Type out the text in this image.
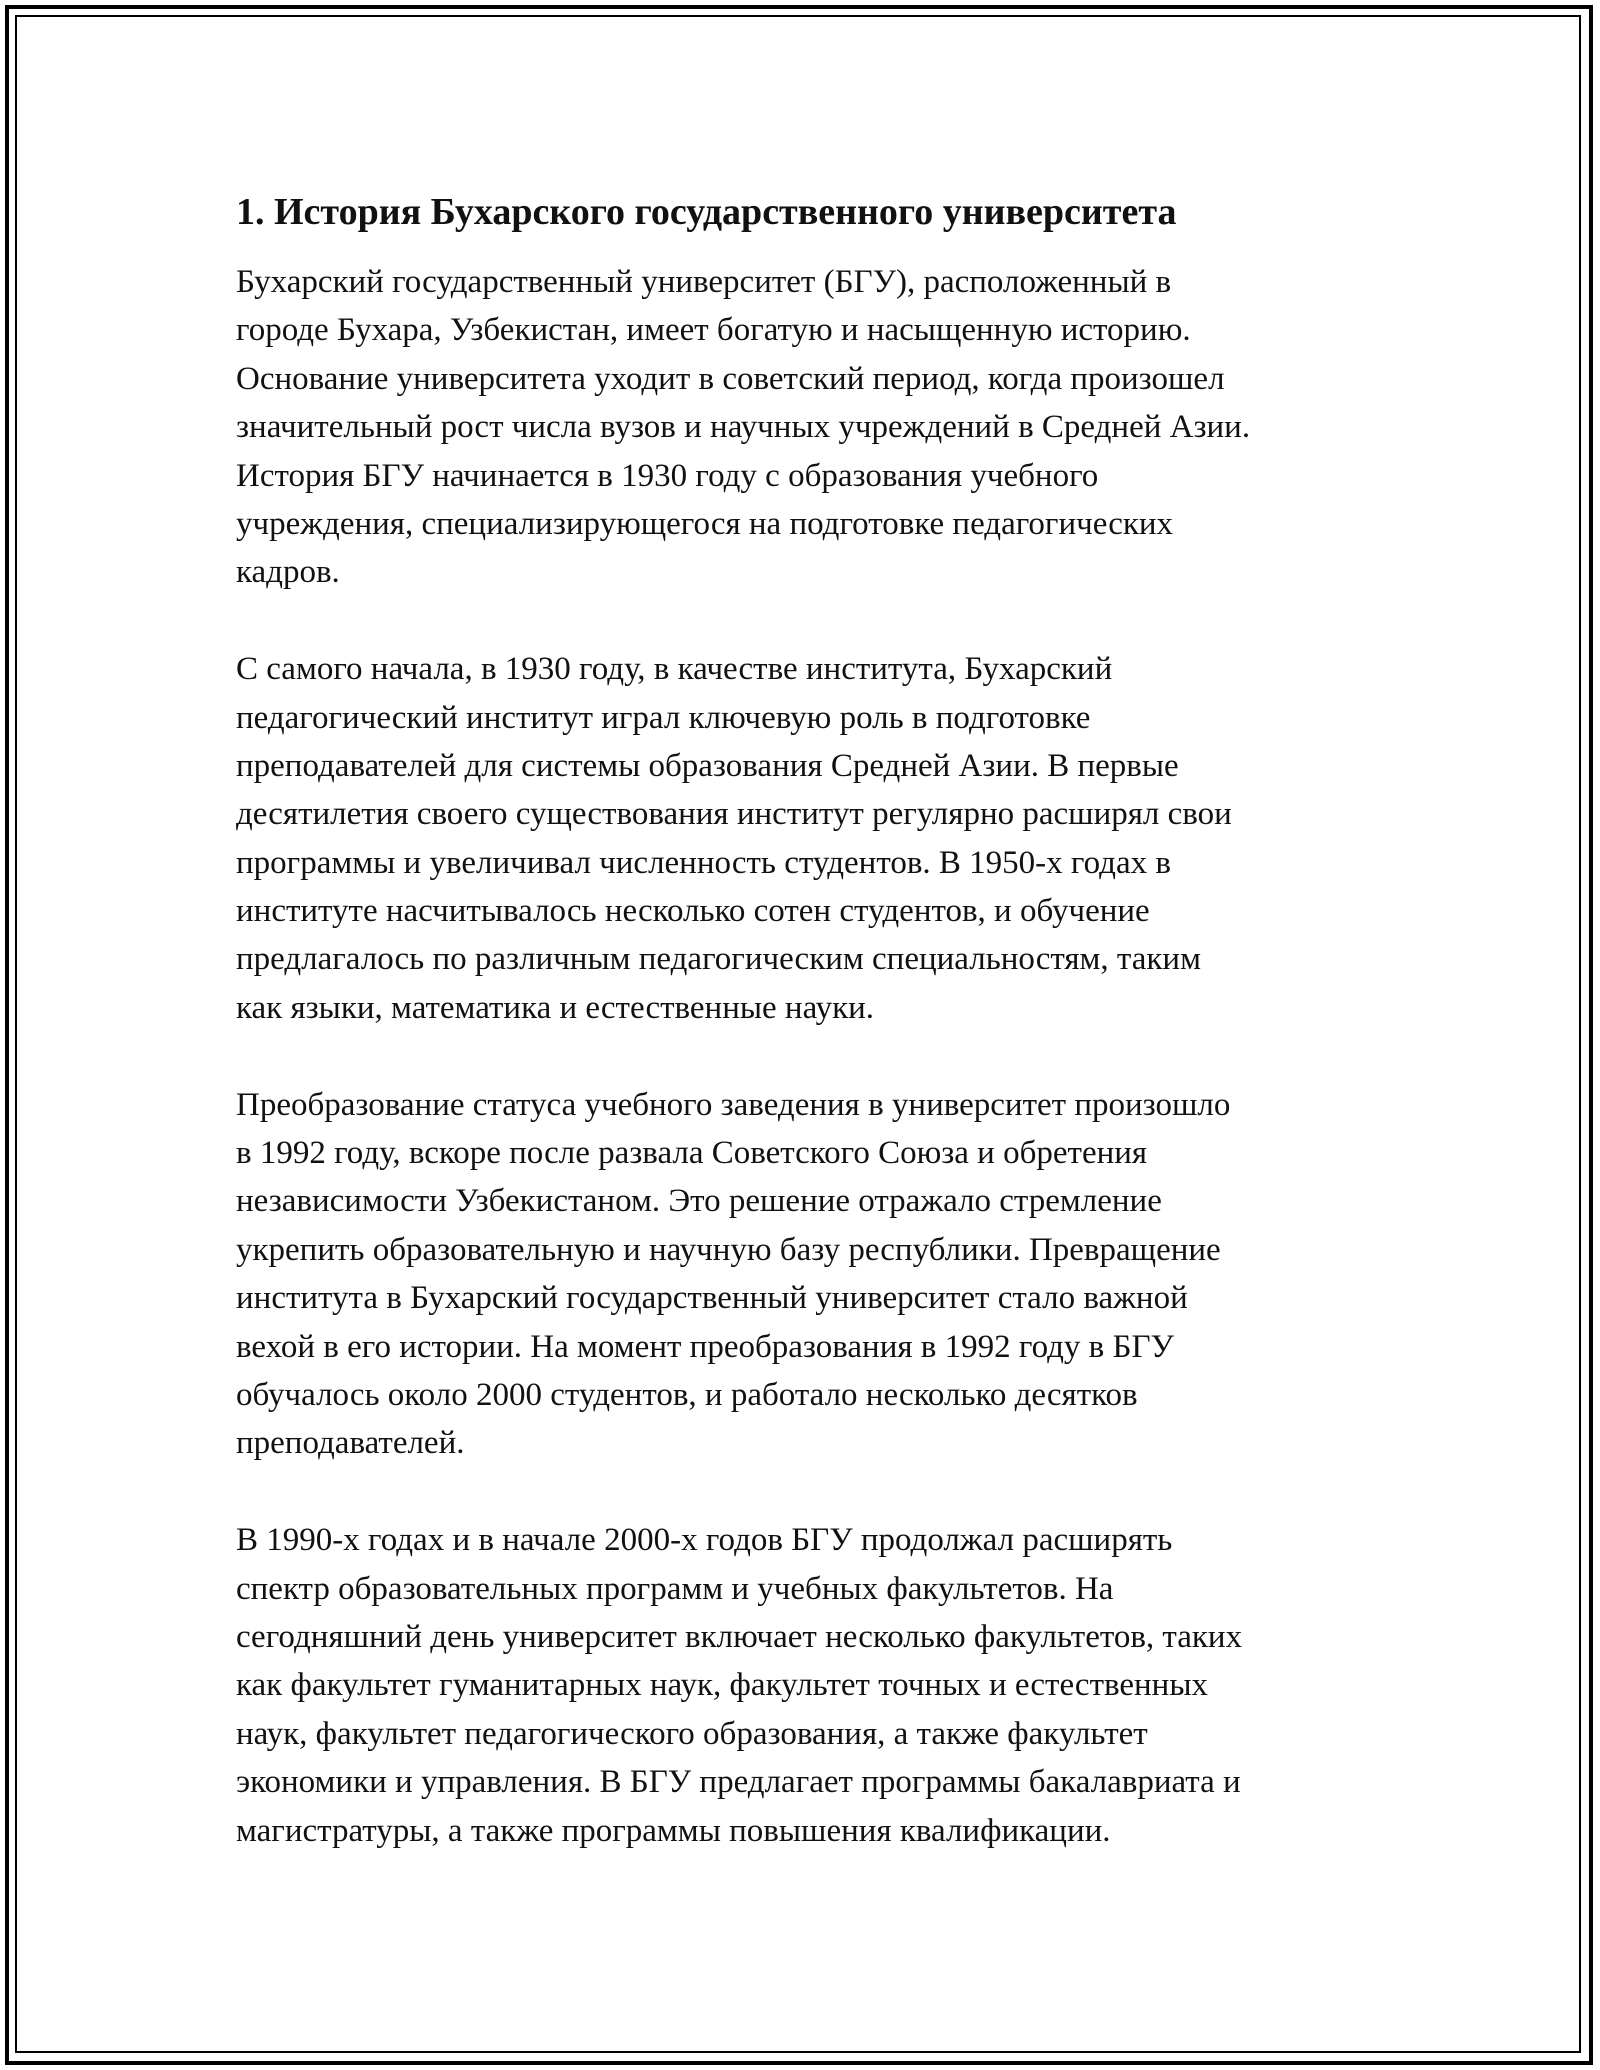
1. История Бухарского государственного университета

Бухарский государственный университет (БГУ), расположенный в
городе Бухара, Узбекистан, имеет богатую и насыщенную историю.
Основание университета уходит в советский период, когда произошел
значительный рост числа вузов и научных учреждений в Средней Азии.
История БГУ начинается в 1930 году с образования учебного
учреждения, специализирующегося на подготовке педагогических
кадров.

С самого начала, в 1930 году, в качестве института, Бухарский
педагогический институт играл ключевую роль в подготовке
преподавателей для системы образования Средней Азии. В первые
десятилетия своего существования институт регулярно расширял свои
программы и увеличивал численность студентов. В 1950-х годах в
институте насчитывалось несколько сотен студентов, и обучение
предлагалось по различным педагогическим специальностям, таким
как языки, математика и естественные науки.

Преобразование статуса учебного заведения в университет произошло
в 1992 году, вскоре после развала Советского Союза и обретения
независимости Узбекистаном. Это решение отражало стремление
укрепить образовательную и научную базу республики. Превращение
института в Бухарский государственный университет стало важной
вехой в его истории. На момент преобразования в 1992 году в БГУ
обучалось около 2000 студентов, и работало несколько десятков
преподавателей.

В 1990-х годах и в начале 2000-х годов БГУ продолжал расширять
спектр образовательных программ и учебных факультетов. На
сегодняшний день университет включает несколько факультетов, таких
как факультет гуманитарных наук, факультет точных и естественных
наук, факультет педагогического образования, а также факультет
экономики и управления. В БГУ предлагает программы бакалавриата и
магистратуры, а также программы повышения квалификации.
